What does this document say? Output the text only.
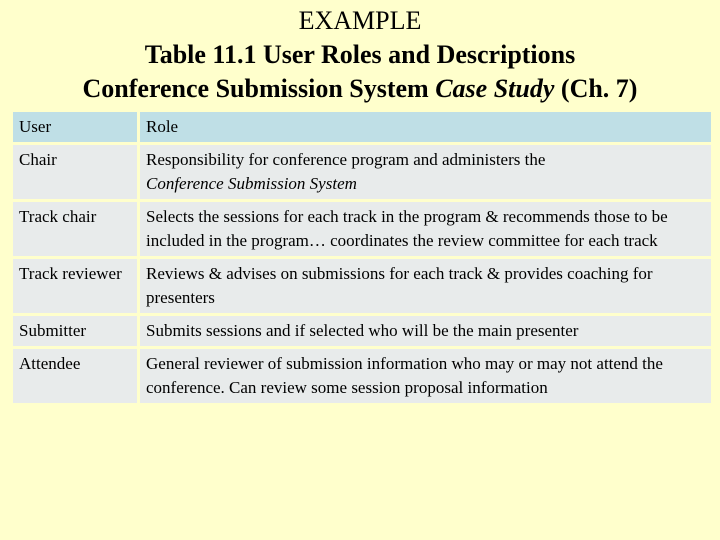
EXAMPLE
Table 11.1 User Roles and Descriptions
Conference Submission System Case Study (Ch. 7)
User	Role
Chair	Responsibility for conference program and administers the
Conference Submission System
Track chair	Selects the sessions for each track in the program & recommends those to be included in the program… coordinates the review committee for each track
Track reviewer	Reviews & advises on submissions for each track & provides coaching for presenters
Submitter	Submits sessions and if selected who will be the main presenter
Attendee	General reviewer of submission information who may or may not attend the conference. Can review some session proposal information
